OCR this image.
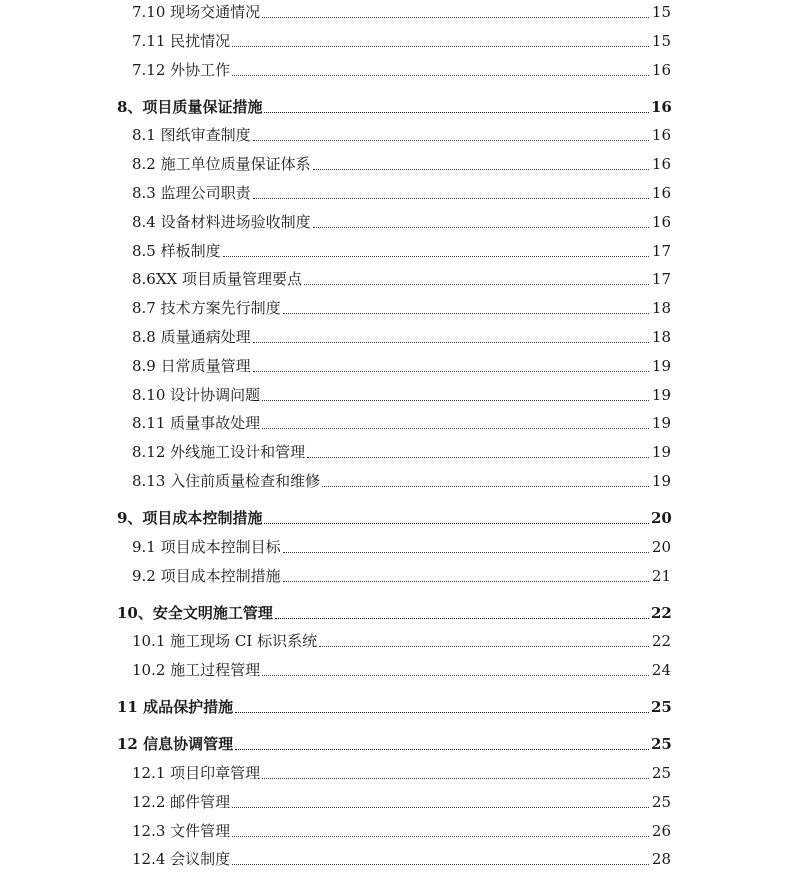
7.10 现场交通情况	15
7.11 民扰情况	15
7.12 外协工作	16
8、项目质量保证措施	16
8.1 图纸审查制度	16
8.2 施工单位质量保证体系	16
8.3 监理公司职责	16
8.4 设备材料进场验收制度	16
8.5 样板制度	17
8.6XX 项目质量管理要点	17
8.7 技术方案先行制度	18
8.8 质量通病处理	18
8.9 日常质量管理	19
8.10 设计协调问题	19
8.11 质量事故处理	19
8.12 外线施工设计和管理	19
8.13 入住前质量检查和维修	19
9、项目成本控制措施	20
9.1 项目成本控制目标	20
9.2 项目成本控制措施	21
10、安全文明施工管理	22
10.1 施工现场 CI 标识系统	22
10.2 施工过程管理	24
11 成品保护措施	25
12 信息协调管理	25
12.1 项目印章管理	25
12.2 邮件管理	25
12.3 文件管理	26
12.4 会议制度	28
